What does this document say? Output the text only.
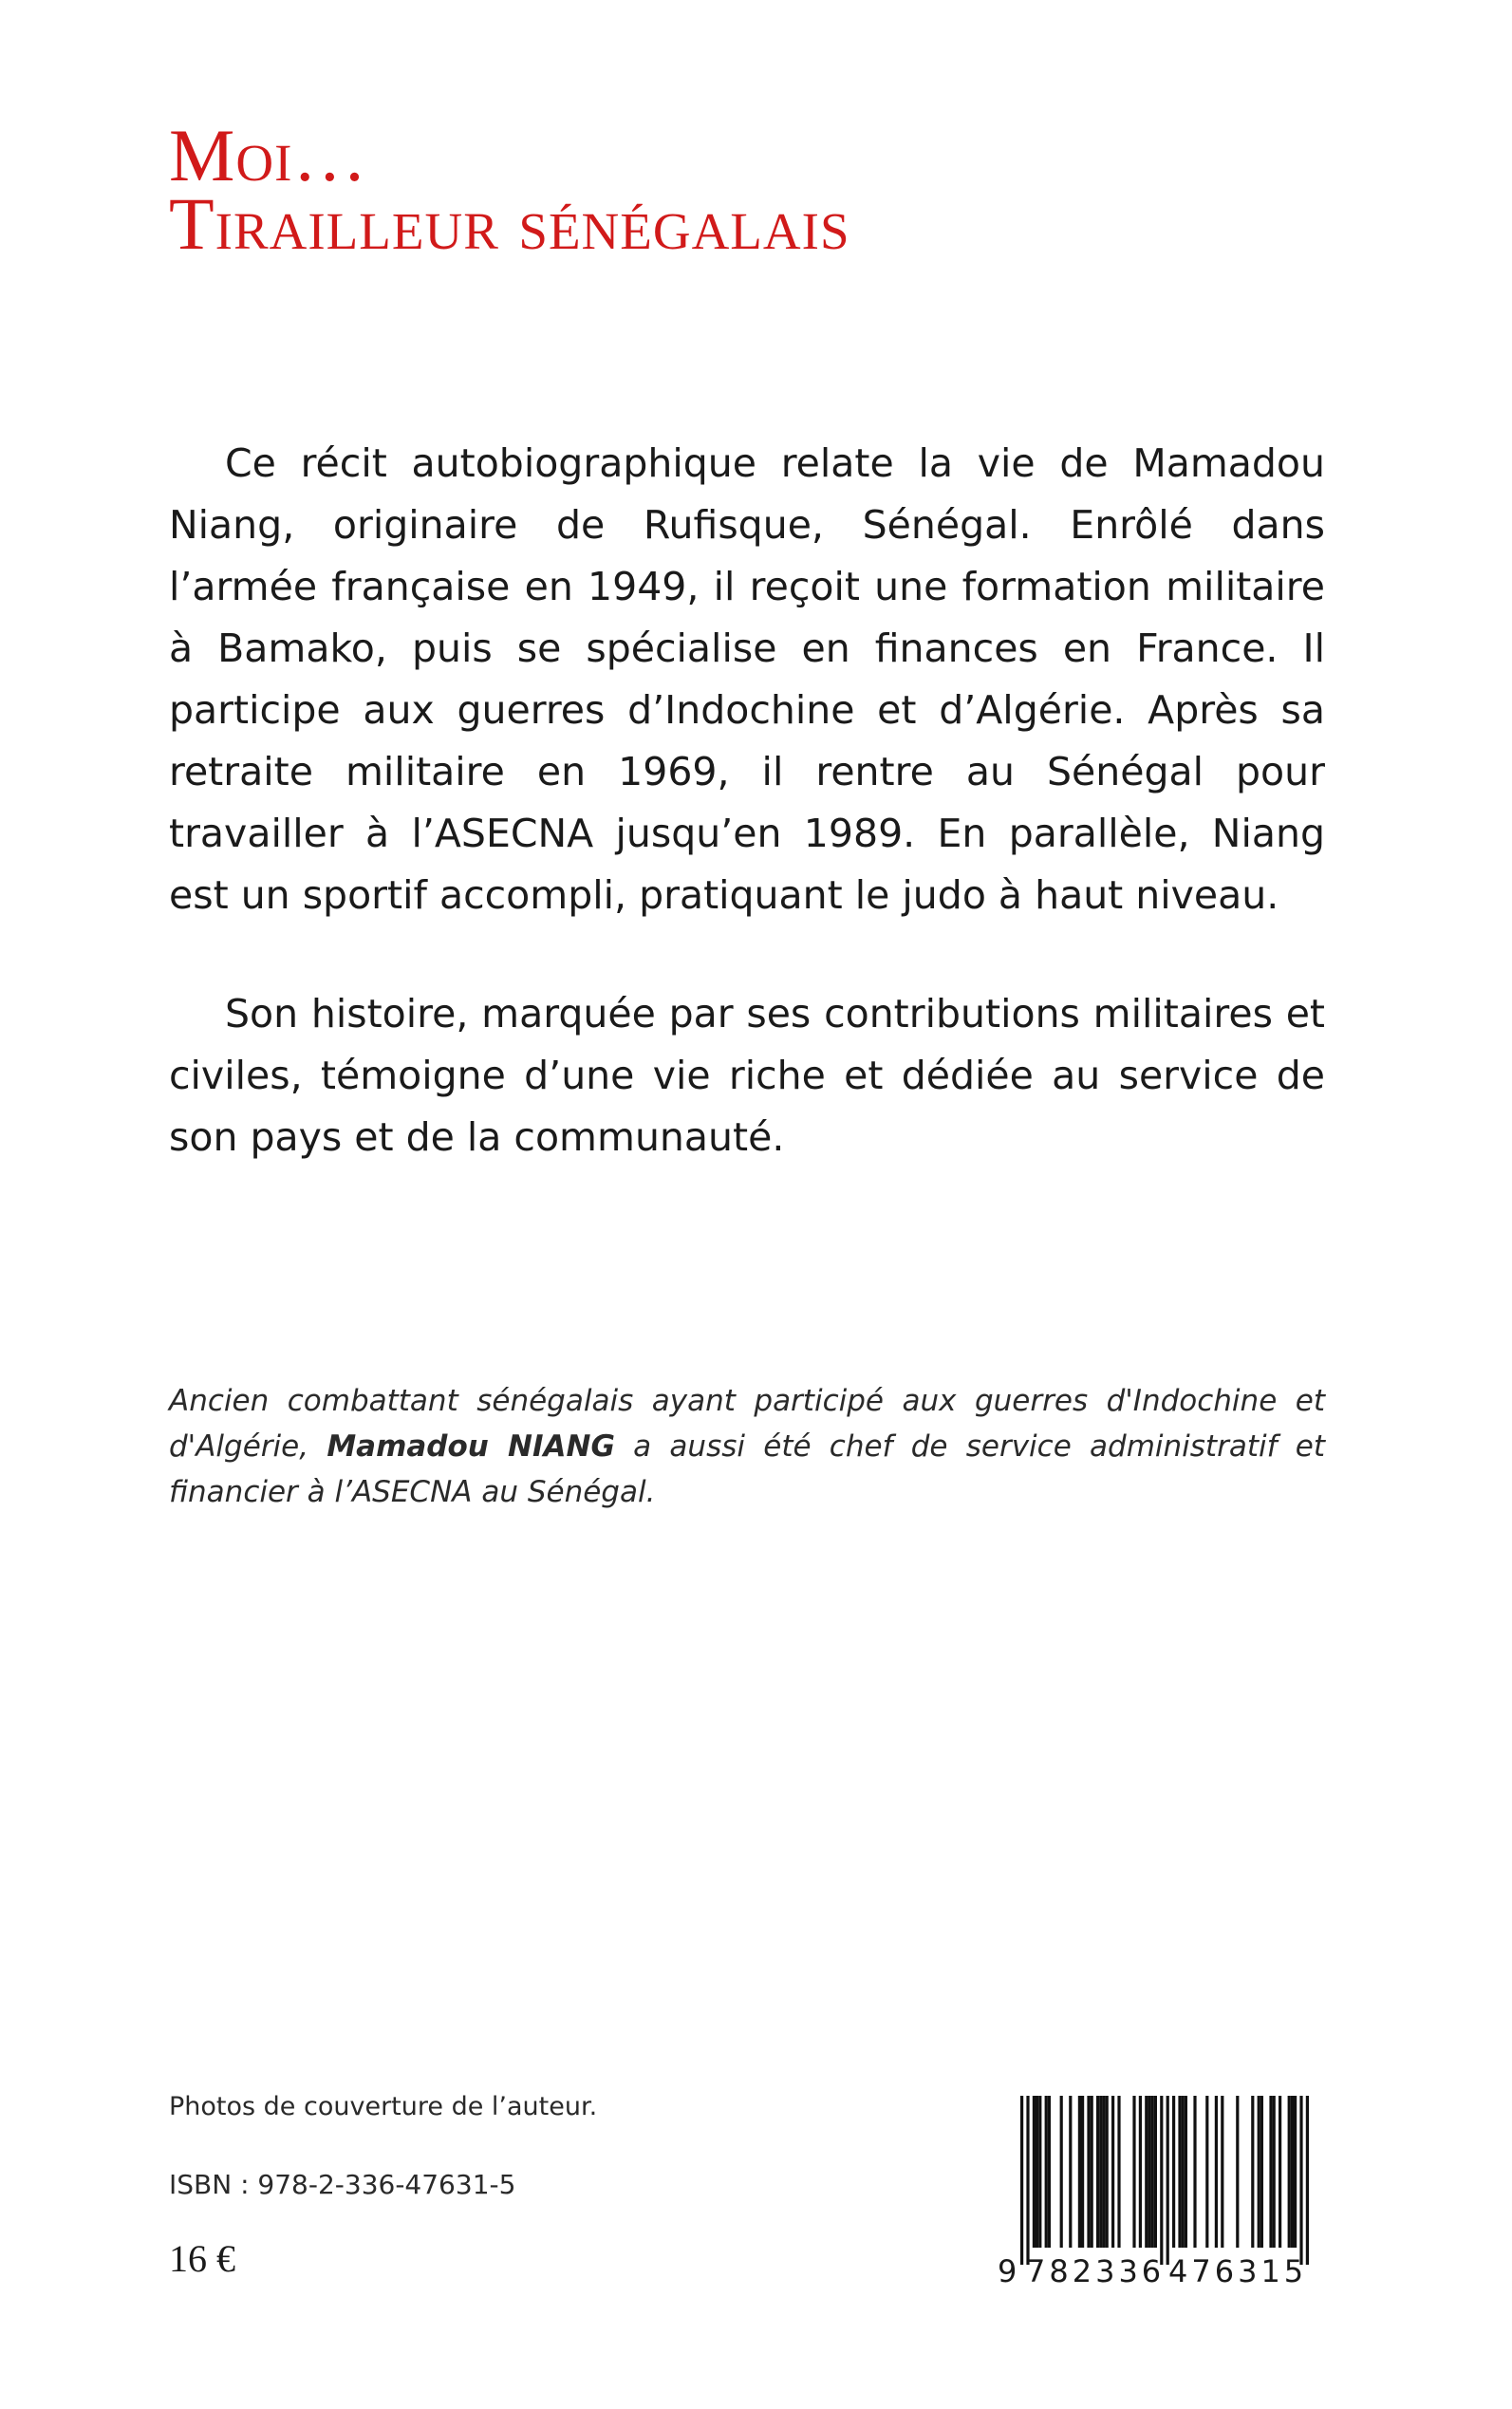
Moi…
Tirailleur sénégalais

Ce récit autobiographique relate la vie de Mamadou Niang, originaire de Rufisque, Sénégal. Enrôlé dans l’armée française en 1949, il reçoit une formation militaire à Bamako, puis se spécialise en finances en France. Il participe aux guerres d’Indochine et d’Algérie. Après sa retraite militaire en 1969, il rentre au Sénégal pour travailler à l’ASECNA jusqu’en 1989. En parallèle, Niang est un sportif accompli, pratiquant le judo à haut niveau.

Son histoire, marquée par ses contributions militaires et civiles, témoigne d’une vie riche et dédiée au service de son pays et de la communauté.

Ancien combattant sénégalais ayant participé aux guerres d'Indochine et d'Algérie, Mamadou NIANG a aussi été chef de service administratif et financier à l’ASECNA au Sénégal.
Photos de couverture de l’auteur.
ISBN : 978-2-336-47631-5
16 €	9 782336 476315
